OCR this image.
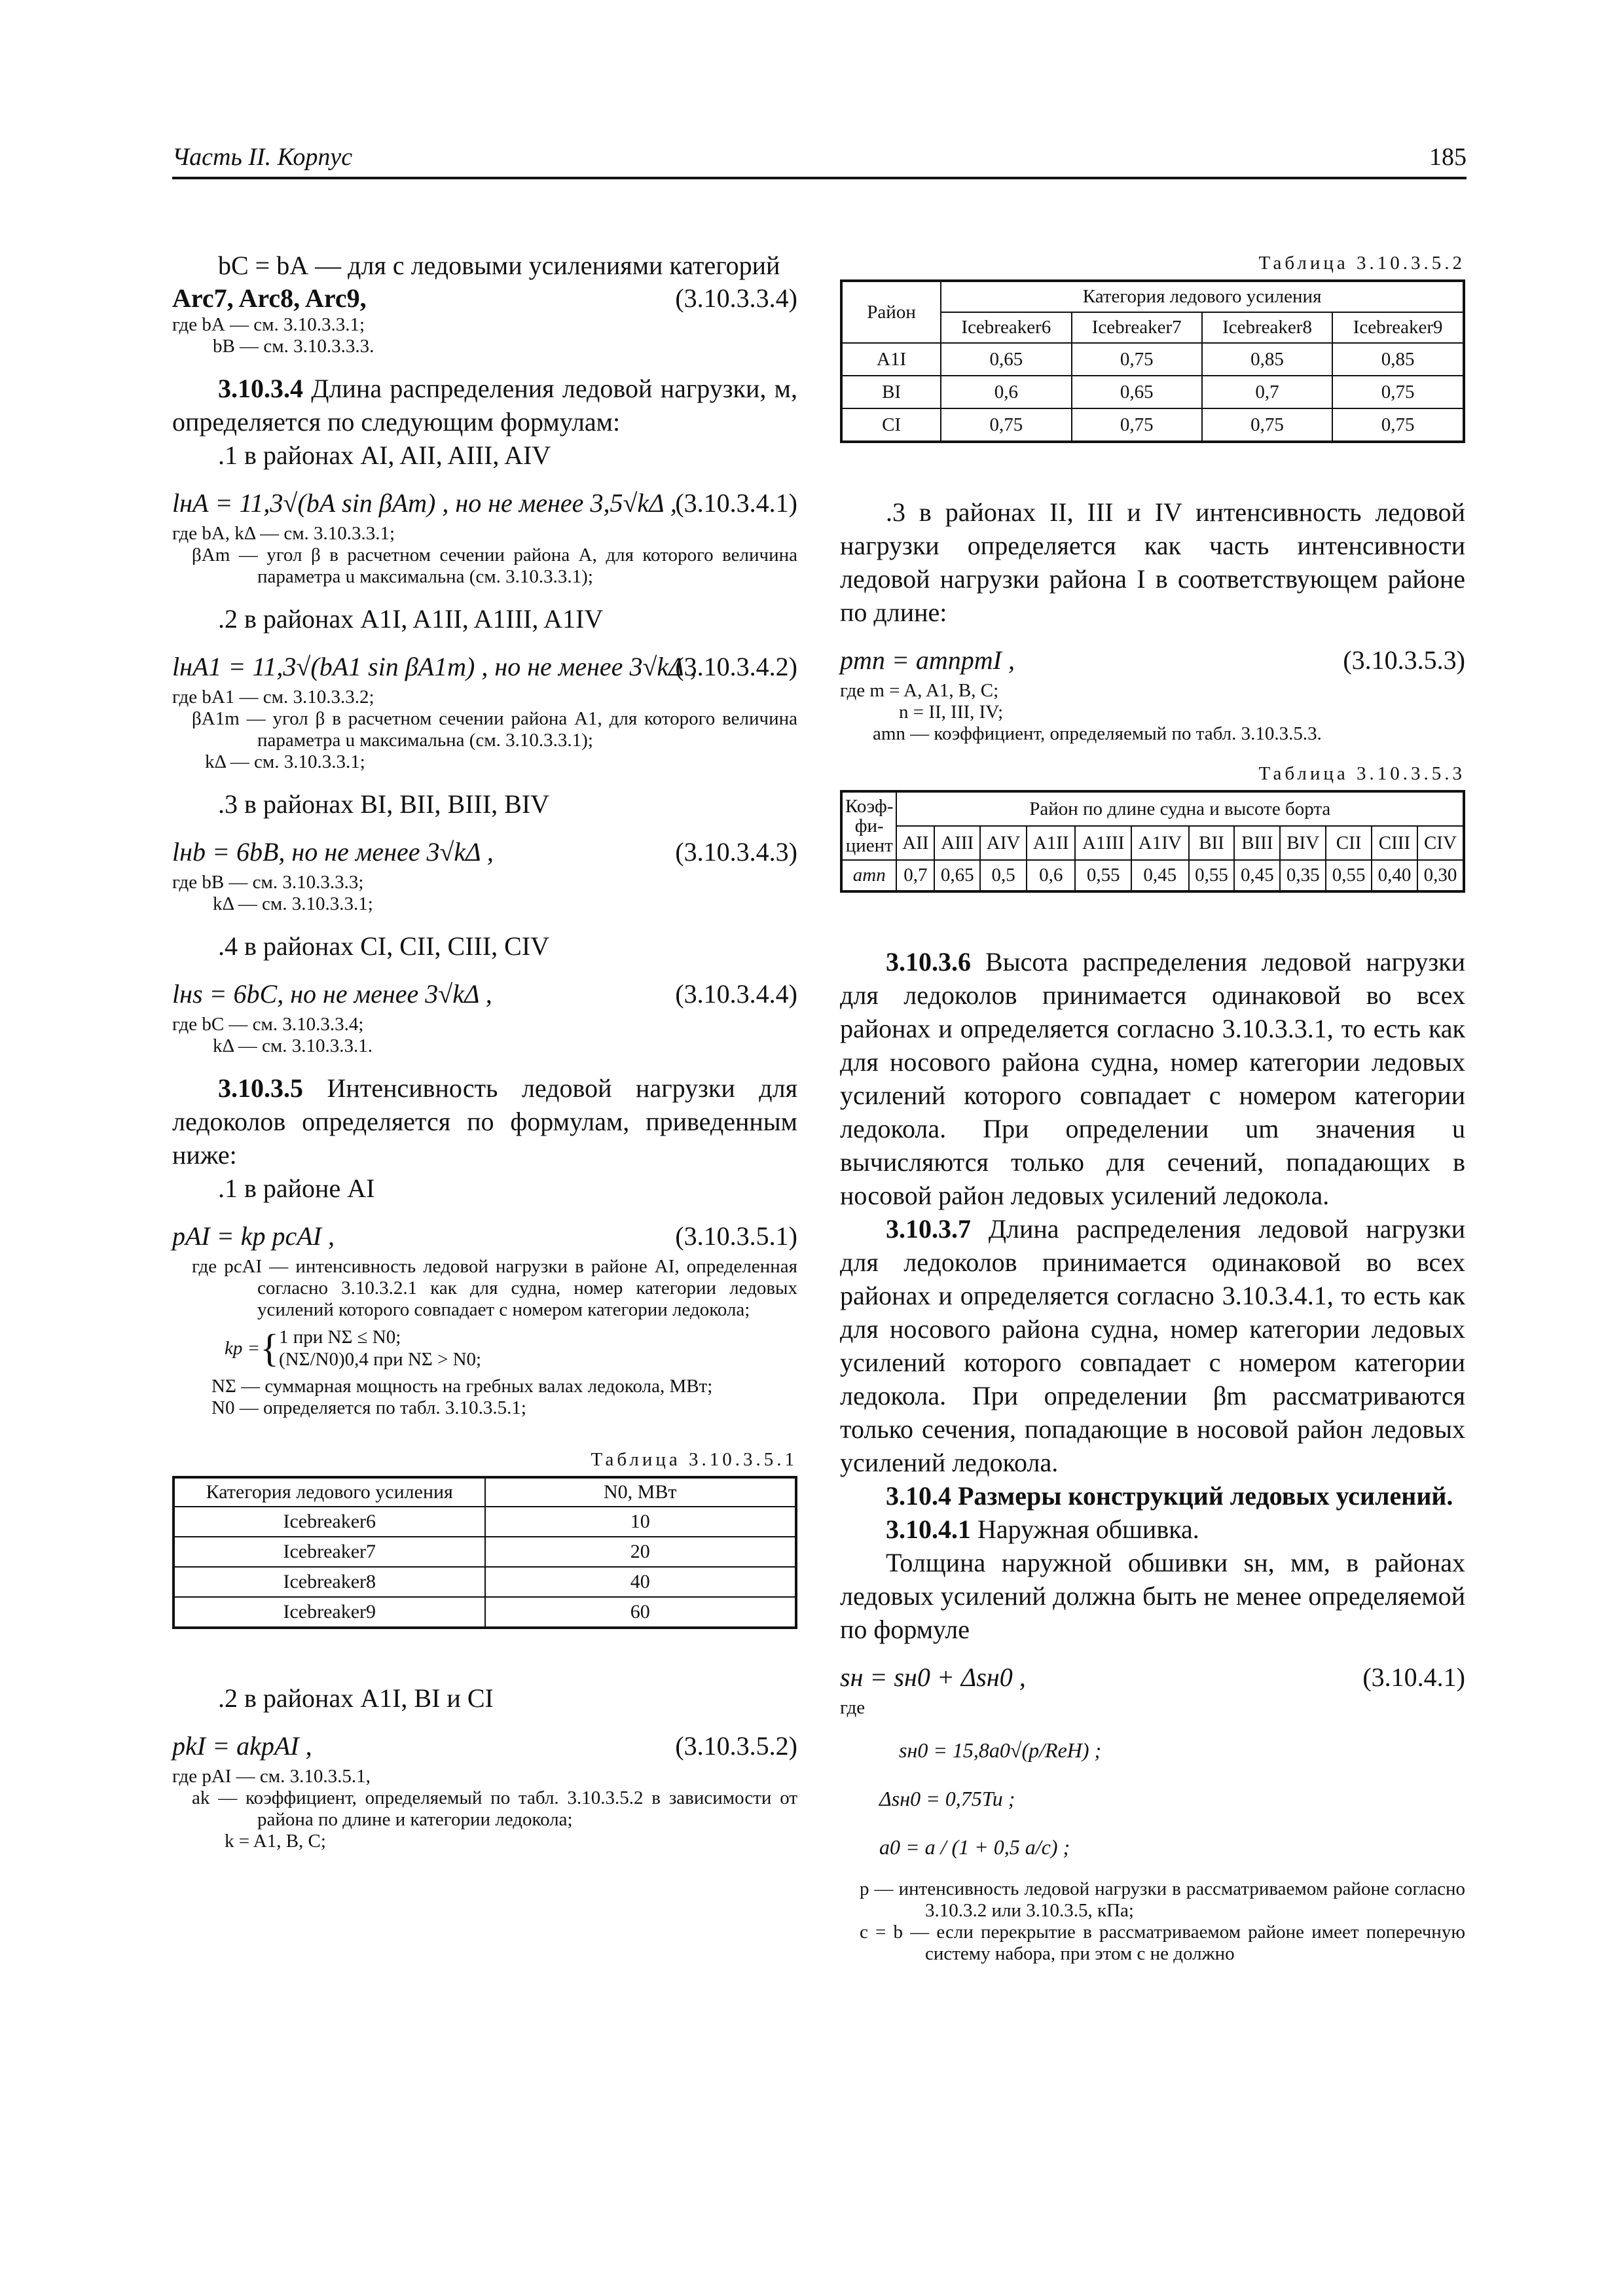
Часть II. Корпус	185
bС = bА — для с ледовыми усилениями категорий
Arc7, Arc8, Arc9,	(3.10.3.3.4)

где bА — см. 3.10.3.3.1;

bВ — см. 3.10.3.3.3.

3.10.3.4 Длина распределения ледовой нагрузки, м, определяется по следующим формулам:

.1 в районах AI, AII, AIII, AIV

lнА = 11,3√(bА sin βАm) , но не менее 3,5√kΔ ,
(3.10.3.4.1)

где bА, kΔ — см. 3.10.3.3.1;

βАm — угол β в расчетном сечении района А, для которого величина параметра u максимальна (см. 3.10.3.3.1);

.2 в районах A1I, A1II, A1III, A1IV

lнА1 = 11,3√(bА1 sin βА1m) , но не менее 3√kΔ ,
(3.10.3.4.2)

где bА1 — см. 3.10.3.3.2;

βА1m — угол β в расчетном сечении района А1, для которого величина параметра u максимальна (см. 3.10.3.3.1);

kΔ — см. 3.10.3.3.1;

.3 в районах BI, BII, BIII, BIV

lнb = 6bВ, но не менее 3√kΔ ,	(3.10.3.4.3)

где bВ — см. 3.10.3.3.3;

kΔ — см. 3.10.3.3.1;

.4 в районах CI, CII, CIII, CIV

lнs = 6bС, но не менее 3√kΔ ,	(3.10.3.4.4)

где bС — см. 3.10.3.3.4;

kΔ — см. 3.10.3.3.1.

3.10.3.5 Интенсивность ледовой нагрузки для ледоколов определяется по формулам, приведенным ниже:

.1 в районе AI

pAI = kp pсAI ,	(3.10.3.5.1)

где pсAI — интенсивность ледовой нагрузки в районе AI, определенная согласно 3.10.3.2.1 как для судна, номер категории ледовых усилений которого совпадает с номером категории ледокола;

kp = { 1 при NΣ ≤ N0;
(NΣ/N0)0,4 при NΣ > N0;

NΣ — суммарная мощность на гребных валах ледокола, МВт;

N0 — определяется по табл. 3.10.3.5.1;

Таблица 3.10.3.5.1

Категория ледового усиления	N0, МВт
Icebreaker6	10
Icebreaker7	20
Icebreaker8	40
Icebreaker9	60

.2 в районах A1I, BI и CI

pkI = akpAI ,	(3.10.3.5.2)

где pAI — см. 3.10.3.5.1,

ak — коэффициент, определяемый по табл. 3.10.3.5.2 в зависимости от района по длине и категории ледокола;

k = A1, B, C;

Таблица 3.10.3.5.2

Район	Категория ледового усиления			
	Icebreaker6	Icebreaker7	Icebreaker8	Icebreaker9
A1I	0,65	0,75	0,85	0,85
BI	0,6	0,65	0,7	0,75
CI	0,75	0,75	0,75	0,75

.3 в районах II, III и IV интенсивность ледовой нагрузки определяется как часть интенсивности ледовой нагрузки района I в соответствующем районе по длине:

pmn = amnpmI ,	(3.10.3.5.3)

где m = A, A1, B, C;

n = II, III, IV;

amn — коэффициент, определяемый по табл. 3.10.3.5.3.

Таблица 3.10.3.5.3

Коэф- фи- циент	Район по длине судна и высоте борта											
	AII	AIII	AIV	A1II	A1III	A1IV	BII	BIII	BIV	CII	CIII	CIV
amn	0,7	0,65	0,5	0,6	0,55	0,45	0,55	0,45	0,35	0,55	0,40	0,30

3.10.3.6 Высота распределения ледовой нагрузки для ледоколов принимается одинаковой во всех районах и определяется согласно 3.10.3.3.1, то есть как для носового района судна, номер категории ледовых усилений которого совпадает с номером категории ледокола. При определении um значения u вычисляются только для сечений, попадающих в носовой район ледовых усилений ледокола.

3.10.3.7 Длина распределения ледовой нагрузки для ледоколов принимается одинаковой во всех районах и определяется согласно 3.10.3.4.1, то есть как для носового района судна, номер категории ледовых усилений которого совпадает с номером категории ледокола. При определении βm рассматриваются только сечения, попадающие в носовой район ледовых усилений ледокола.

3.10.4 Размеры конструкций ледовых усилений.

3.10.4.1 Наружная обшивка.

Толщина наружной обшивки sн, мм, в районах ледовых усилений должна быть не менее определяемой по формуле

sн = sн0 + Δsн0 ,	(3.10.4.1)

где

sн0 = 15,8a0√(p/ReH) ;

Δsн0 = 0,75Tu ;

a0 = a / (1 + 0,5 a/c) ;

p — интенсивность ледовой нагрузки в рассматриваемом районе согласно 3.10.3.2 или 3.10.3.5, кПа;

c = b — если перекрытие в рассматриваемом районе имеет поперечную систему набора, при этом c не должно
